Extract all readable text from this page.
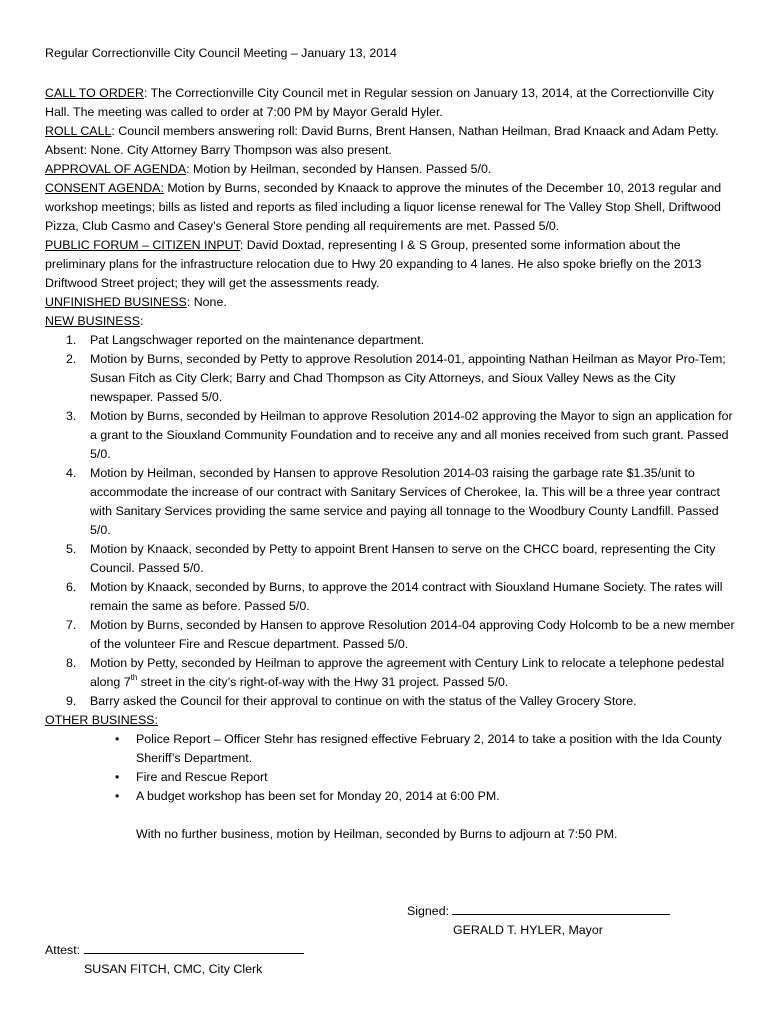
Regular Correctionville City Council Meeting – January 13, 2014

CALL TO ORDER: The Correctionville City Council met in Regular session on January 13, 2014, at the Correctionville City Hall. The meeting was called to order at 7:00 PM by Mayor Gerald Hyler.

ROLL CALL: Council members answering roll: David Burns, Brent Hansen, Nathan Heilman, Brad Knaack and Adam Petty. Absent: None. City Attorney Barry Thompson was also present.

APPROVAL OF AGENDA: Motion by Heilman, seconded by Hansen. Passed 5/0.

CONSENT AGENDA: Motion by Burns, seconded by Knaack to approve the minutes of the December 10, 2013 regular and workshop meetings; bills as listed and reports as filed including a liquor license renewal for The Valley Stop Shell, Driftwood Pizza, Club Casmo and Casey’s General Store pending all requirements are met. Passed 5/0.

PUBLIC FORUM – CITIZEN INPUT: David Doxtad, representing I & S Group, presented some information about the preliminary plans for the infrastructure relocation due to Hwy 20 expanding to 4 lanes. He also spoke briefly on the 2013 Driftwood Street project; they will get the assessments ready.

UNFINISHED BUSINESS: None.

NEW BUSINESS:

1. Pat Langschwager reported on the maintenance department.
2. Motion by Burns, seconded by Petty to approve Resolution 2014-01, appointing Nathan Heilman as Mayor Pro-Tem; Susan Fitch as City Clerk; Barry and Chad Thompson as City Attorneys, and Sioux Valley News as the City newspaper. Passed 5/0.
3. Motion by Burns, seconded by Heilman to approve Resolution 2014-02 approving the Mayor to sign an application for a grant to the Siouxland Community Foundation and to receive any and all monies received from such grant. Passed 5/0.
4. Motion by Heilman, seconded by Hansen to approve Resolution 2014-03 raising the garbage rate $1.35/unit to accommodate the increase of our contract with Sanitary Services of Cherokee, Ia. This will be a three year contract with Sanitary Services providing the same service and paying all tonnage to the Woodbury County Landfill. Passed 5/0.
5. Motion by Knaack, seconded by Petty to appoint Brent Hansen to serve on the CHCC board, representing the City Council. Passed 5/0.
6. Motion by Knaack, seconded by Burns, to approve the 2014 contract with Siouxland Humane Society. The rates will remain the same as before. Passed 5/0.
7. Motion by Burns, seconded by Hansen to approve Resolution 2014-04 approving Cody Holcomb to be a new member of the volunteer Fire and Rescue department. Passed 5/0.
8. Motion by Petty, seconded by Heilman to approve the agreement with Century Link to relocate a telephone pedestal along 7th street in the city’s right-of-way with the Hwy 31 project. Passed 5/0.
9. Barry asked the Council for their approval to continue on with the status of the Valley Grocery Store.

OTHER BUSINESS:

• Police Report – Officer Stehr has resigned effective February 2, 2014 to take a position with the Ida County Sheriff’s Department.
• Fire and Rescue Report
• A budget workshop has been set for Monday 20, 2014 at 6:00 PM.

With no further business, motion by Heilman, seconded by Burns to adjourn at 7:50 PM.

Signed:
GERALD T. HYLER, Mayor
Attest:
SUSAN FITCH, CMC, City Clerk
